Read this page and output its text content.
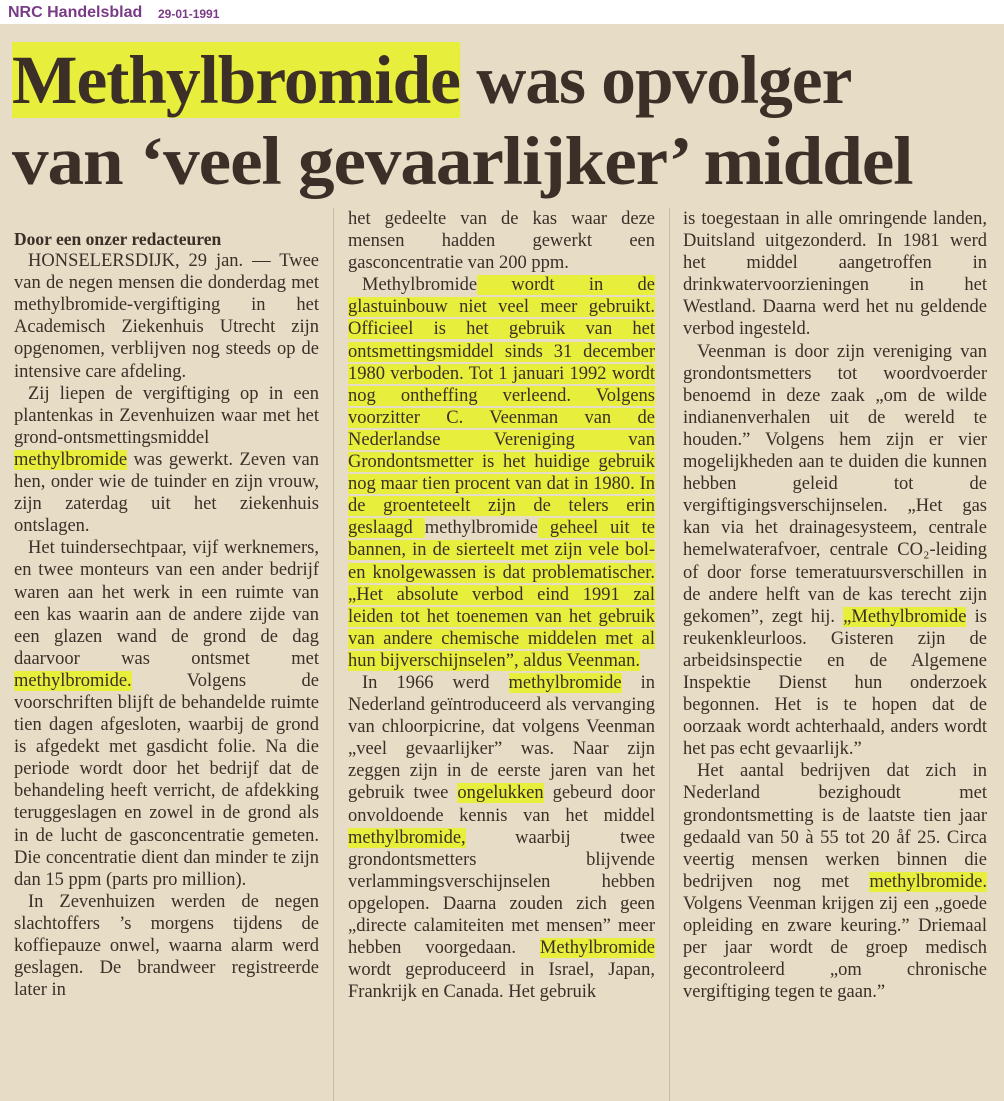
NRC Handelsblad 29-01-1991
Methylbromide was opvolger
van ‘veel gevaarlijker’ middel

Door een onzer redacteuren

HONSELERSDIJK, 29 jan. — Twee van de negen mensen die donderdag met methylbromide-vergiftiging in het Academisch Ziekenhuis Utrecht zijn opgenomen, verblijven nog steeds op de intensive care afdeling.

Zij liepen de vergiftiging op in een plantenkas in Zevenhuizen waar met het grond-ontsmettingsmiddel methylbromide was gewerkt. Zeven van hen, onder wie de tuinder en zijn vrouw, zijn zaterdag uit het ziekenhuis ontslagen.

Het tuindersechtpaar, vijf werknemers, en twee monteurs van een ander bedrijf waren aan het werk in een ruimte van een kas waarin aan de andere zijde van een glazen wand de grond de dag daarvoor was ontsmet met methylbromide. Volgens de voorschriften blijft de behandelde ruimte tien dagen afgesloten, waarbij de grond is afgedekt met gasdicht folie. Na die periode wordt door het bedrijf dat de behandeling heeft verricht, de afdekking teruggeslagen en zowel in de grond als in de lucht de gasconcentratie gemeten. Die concentratie dient dan minder te zijn dan 15 ppm (parts pro million).

In Zevenhuizen werden de negen slachtoffers ’s morgens tijdens de koffiepauze onwel, waarna alarm werd geslagen. De brandweer registreerde later in

het gedeelte van de kas waar deze mensen hadden gewerkt een gasconcentratie van 200 ppm.

Methylbromide wordt in de glastuinbouw niet veel meer gebruikt. Officieel is het gebruik van het ontsmettingsmiddel sinds 31 december 1980 verboden. Tot 1 januari 1992 wordt nog ontheffing verleend. Volgens voorzitter C. Veenman van de Nederlandse Vereniging van Grondontsmetter is het huidige gebruik nog maar tien procent van dat in 1980. In de groenteteelt zijn de telers erin geslaagd methylbromide geheel uit te bannen, in de sierteelt met zijn vele bol- en knolgewassen is dat problematischer. „Het absolute verbod eind 1991 zal leiden tot het toenemen van het gebruik van andere chemische middelen met al hun bijverschijnselen”, aldus Veenman.

In 1966 werd methylbromide in Nederland geïntroduceerd als vervanging van chloorpicrine, dat volgens Veenman „veel gevaarlijker” was. Naar zijn zeggen zijn in de eerste jaren van het gebruik twee ongelukken gebeurd door onvoldoende kennis van het middel methylbromide, waarbij twee grondontsmetters blijvende verlammingsverschijnselen hebben opgelopen. Daarna zouden zich geen „directe calamiteiten met mensen” meer hebben voorgedaan. Methylbromide wordt geproduceerd in Israel, Japan, Frankrijk en Canada. Het gebruik

is toegestaan in alle omringende landen, Duitsland uitgezonderd. In 1981 werd het middel aangetroffen in drinkwatervoorzieningen in het Westland. Daarna werd het nu geldende verbod ingesteld.

Veenman is door zijn vereniging van grondontsmetters tot woordvoerder benoemd in deze zaak „om de wilde indianenverhalen uit de wereld te houden.” Volgens hem zijn er vier mogelijkheden aan te duiden die kunnen hebben geleid tot de vergiftigingsverschijnselen. „Het gas kan via het drainagesysteem, centrale hemelwaterafvoer, centrale CO₂-leiding of door forse temeratuursverschillen in de andere helft van de kas terecht zijn gekomen”, zegt hij. „Methylbromide is reukenkleurloos. Gisteren zijn de arbeidsinspectie en de Algemene Inspektie Dienst hun onderzoek begonnen. Het is te hopen dat de oorzaak wordt achterhaald, anders wordt het pas echt gevaarlijk.”

Het aantal bedrijven dat zich in Nederland bezighoudt met grondontsmetting is de laatste tien jaar gedaald van 50 à 55 tot 20 åf 25. Circa veertig mensen werken binnen die bedrijven nog met methylbromide. Volgens Veenman krijgen zij een „goede opleiding en zware keuring.” Driemaal per jaar wordt de groep medisch gecontroleerd „om chronische vergiftiging tegen te gaan.”
